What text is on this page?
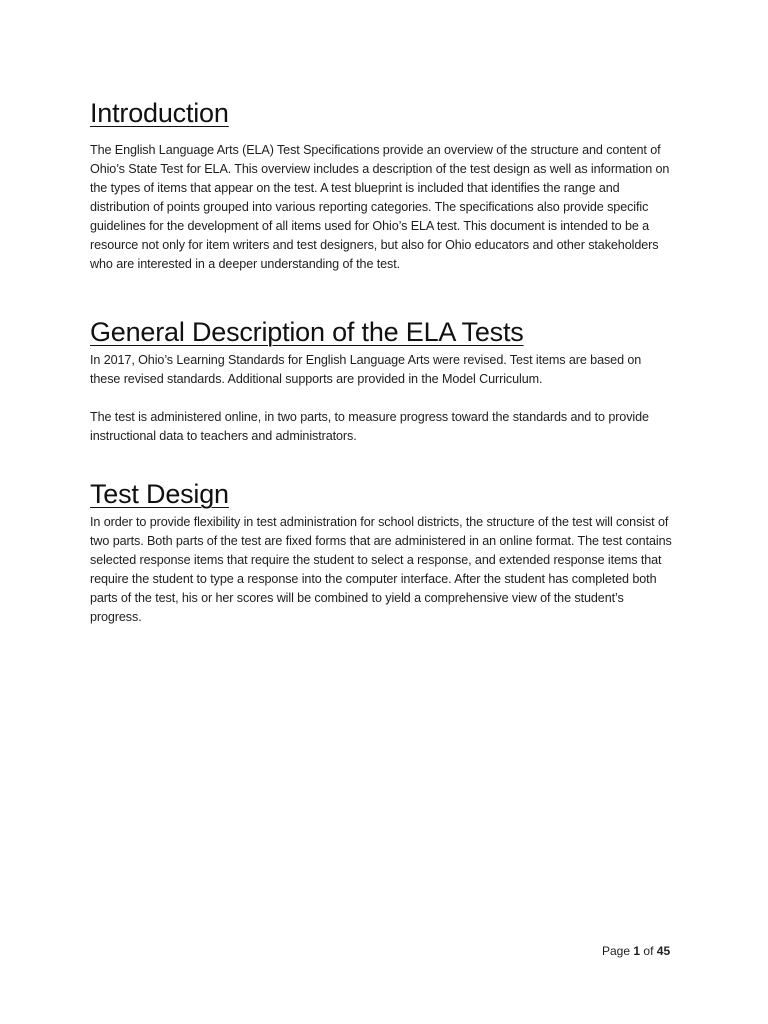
Introduction

The English Language Arts (ELA) Test Specifications provide an overview of the structure and content of Ohio’s State Test for ELA. This overview includes a description of the test design as well as information on the types of items that appear on the test. A test blueprint is included that identifies the range and distribution of points grouped into various reporting categories. The specifications also provide specific guidelines for the development of all items used for Ohio’s ELA test. This document is intended to be a resource not only for item writers and test designers, but also for Ohio educators and other stakeholders who are interested in a deeper understanding of the test.

General Description of the ELA Tests

In 2017, Ohio’s Learning Standards for English Language Arts were revised. Test items are based on these revised standards. Additional supports are provided in the Model Curriculum.

The test is administered online, in two parts, to measure progress toward the standards and to provide instructional data to teachers and administrators.

Test Design

In order to provide flexibility in test administration for school districts, the structure of the test will consist of two parts. Both parts of the test are fixed forms that are administered in an online format. The test contains selected response items that require the student to select a response, and extended response items that require the student to type a response into the computer interface. After the student has completed both parts of the test, his or her scores will be combined to yield a comprehensive view of the student’s progress.

Page 1 of 45
